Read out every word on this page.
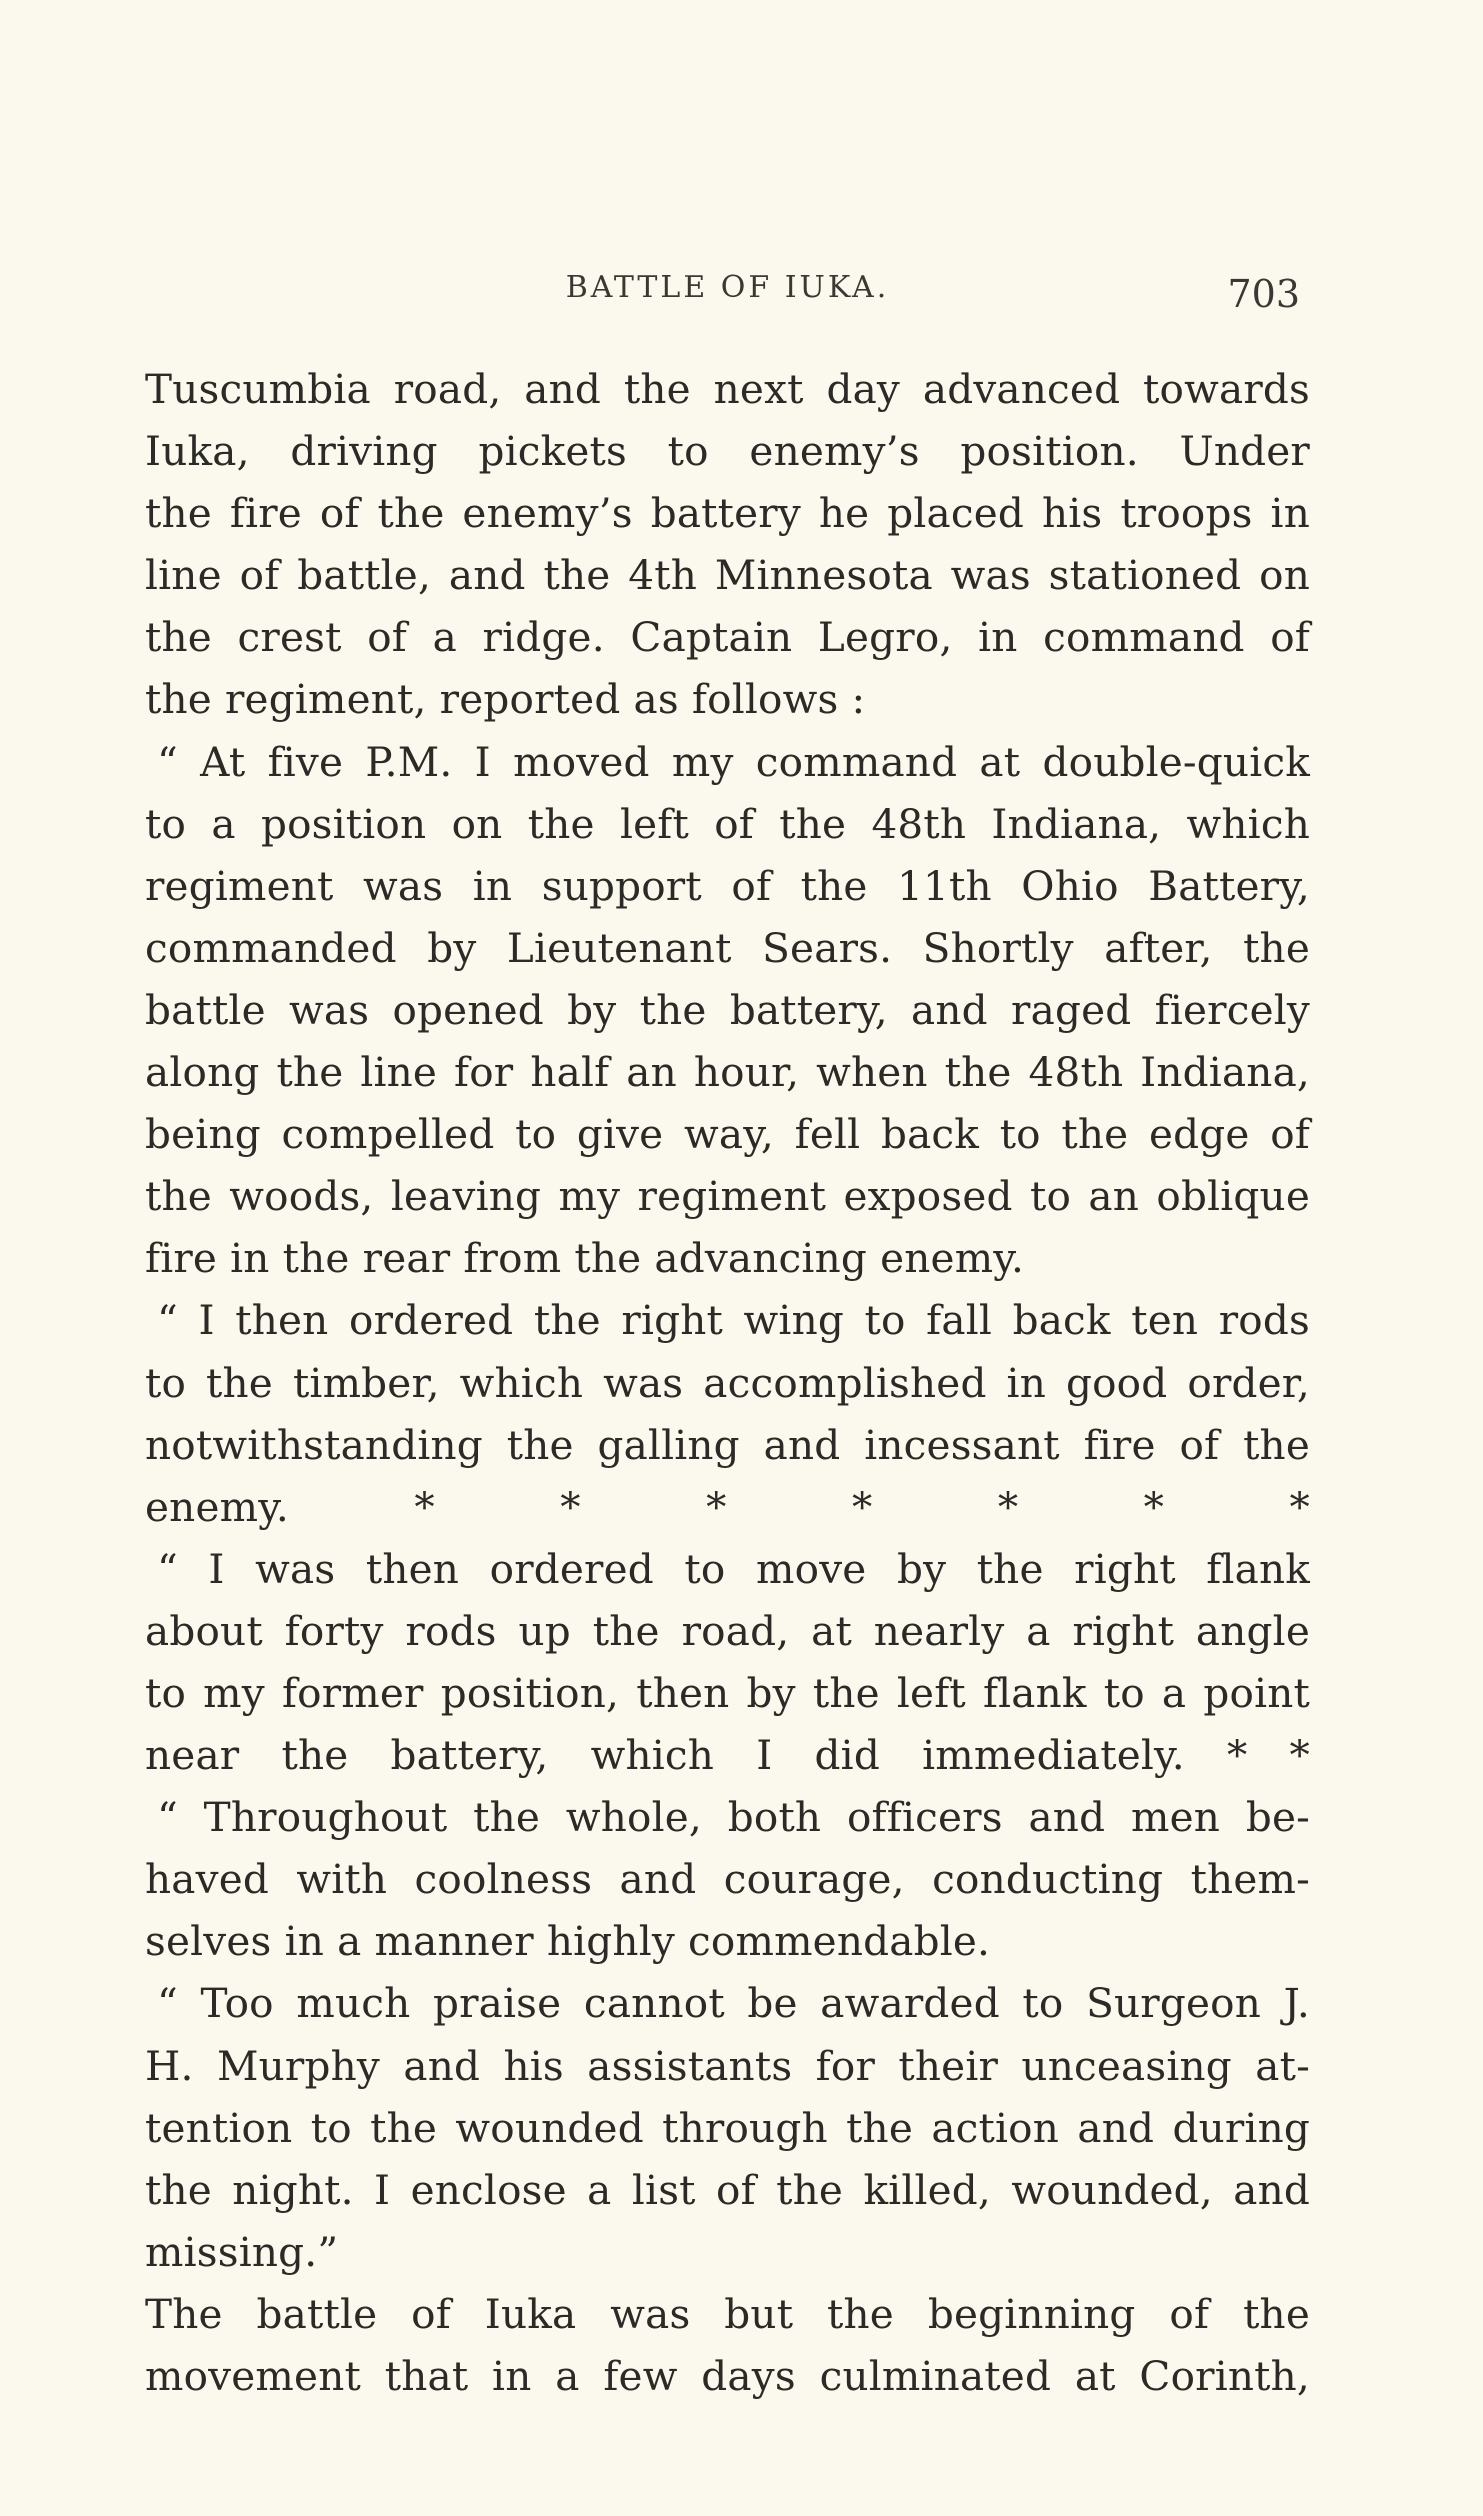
BATTLE OF IUKA.	703
Tuscumbia road, and the next day advanced towards
Iuka, driving pickets to enemy’s position. Under
the fire of the enemy’s battery he placed his troops in
line of battle, and the 4th Minnesota was stationed on
the crest of a ridge. Captain Legro, in command of
the regiment, reported as follows :
“ At five P.M. I moved my command at double-quick
to a position on the left of the 48th Indiana, which
regiment was in support of the 11th Ohio Battery,
commanded by Lieutenant Sears. Shortly after, the
battle was opened by the battery, and raged fiercely
along the line for half an hour, when the 48th Indiana,
being compelled to give way, fell back to the edge of
the woods, leaving my regiment exposed to an oblique
fire in the rear from the advancing enemy.
“ I then ordered the right wing to fall back ten rods
to the timber, which was accomplished in good order,
notwithstanding the galling and incessant fire of the
enemy. * * * * * * *
“ I was then ordered to move by the right flank
about forty rods up the road, at nearly a right angle
to my former position, then by the left flank to a point
near the battery, which I did immediately. * *
“ Throughout the whole, both officers and men be-
haved with coolness and courage, conducting them-
selves in a manner highly commendable.
“ Too much praise cannot be awarded to Surgeon J.
H. Murphy and his assistants for their unceasing at-
tention to the wounded through the action and during
the night. I enclose a list of the killed, wounded, and
missing.”
The battle of Iuka was but the beginning of the
movement that in a few days culminated at Corinth,
